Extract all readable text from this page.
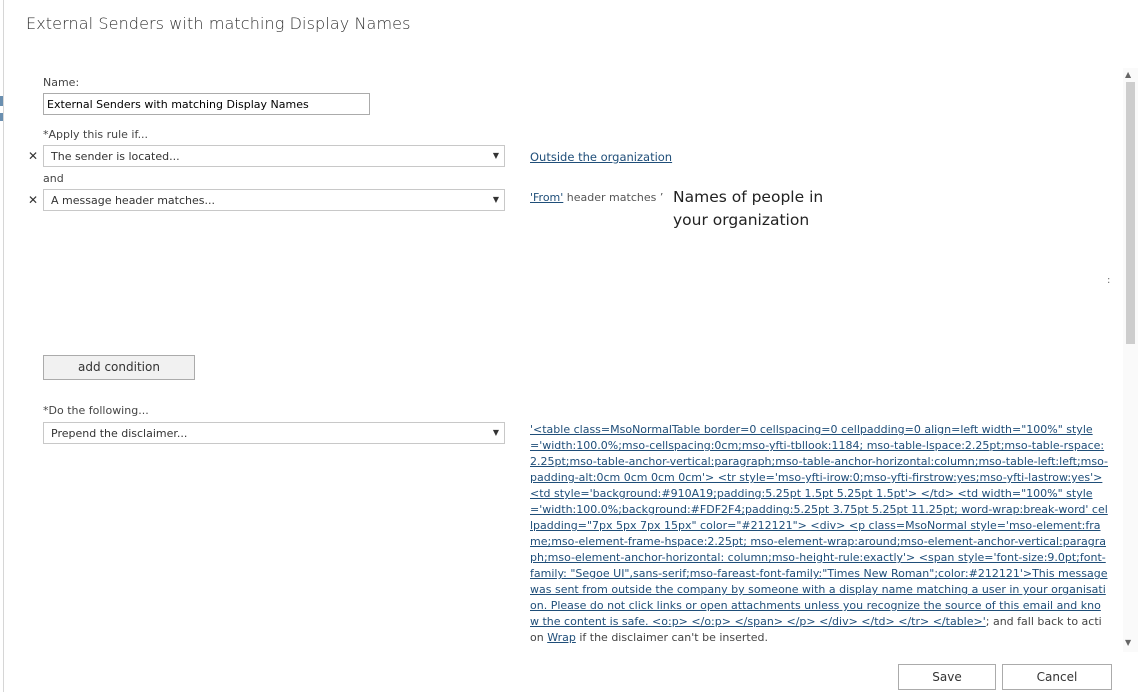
External Senders with matching Display Names
Name:
External Senders with matching Display Names
*Apply this rule if...
✕	The sender is located...	▼	Outside the organization
and
✕	A message header matches...	▼	'From' header matches ’ Names of people in
your organization
:
add condition
*Do the following...
Prepend the disclaimer...	▼	'<table class=MsoNormalTable border=0 cellspacing=0 cellpadding=0 align=left width="100%" style='width:100.0%;mso-cellspacing:0cm;mso-yfti-tbllook:1184; mso-table-lspace:2.25pt;mso-table-rspace:2.25pt;mso-table-anchor-vertical:paragraph;mso-table-anchor-horizontal:column;mso-table-left:left;mso-padding-alt:0cm 0cm 0cm 0cm'> <tr style='mso-yfti-irow:0;mso-yfti-firstrow:yes;mso-yfti-lastrow:yes'> <td style='background:#910A19;padding:5.25pt 1.5pt 5.25pt 1.5pt'> </td> <td width="100%" style='width:100.0%;background:#FDF2F4;padding:5.25pt 3.75pt 5.25pt 11.25pt; word-wrap:break-word' cellpadding="7px 5px 7px 15px" color="#212121"> <div> <p class=MsoNormal style='mso-element:frame;mso-element-frame-hspace:2.25pt; mso-element-wrap:around;mso-element-anchor-vertical:paragraph;mso-element-anchor-horizontal: column;mso-height-rule:exactly'> <span style='font-size:9.0pt;font-family: "Segoe UI",sans-serif;mso-fareast-font-family:"Times New Roman";color:#212121'>This message was sent from outside the company by someone with a display name matching a user in your organisation. Please do not click links or open attachments unless you recognize the source of this email and know the content is safe. <o:p> </o:p> </span> </p> </div> </td> </tr> </table>'; and fall back to action Wrap if the disclaimer can't be inserted.
▲
▼
Save	Cancel
